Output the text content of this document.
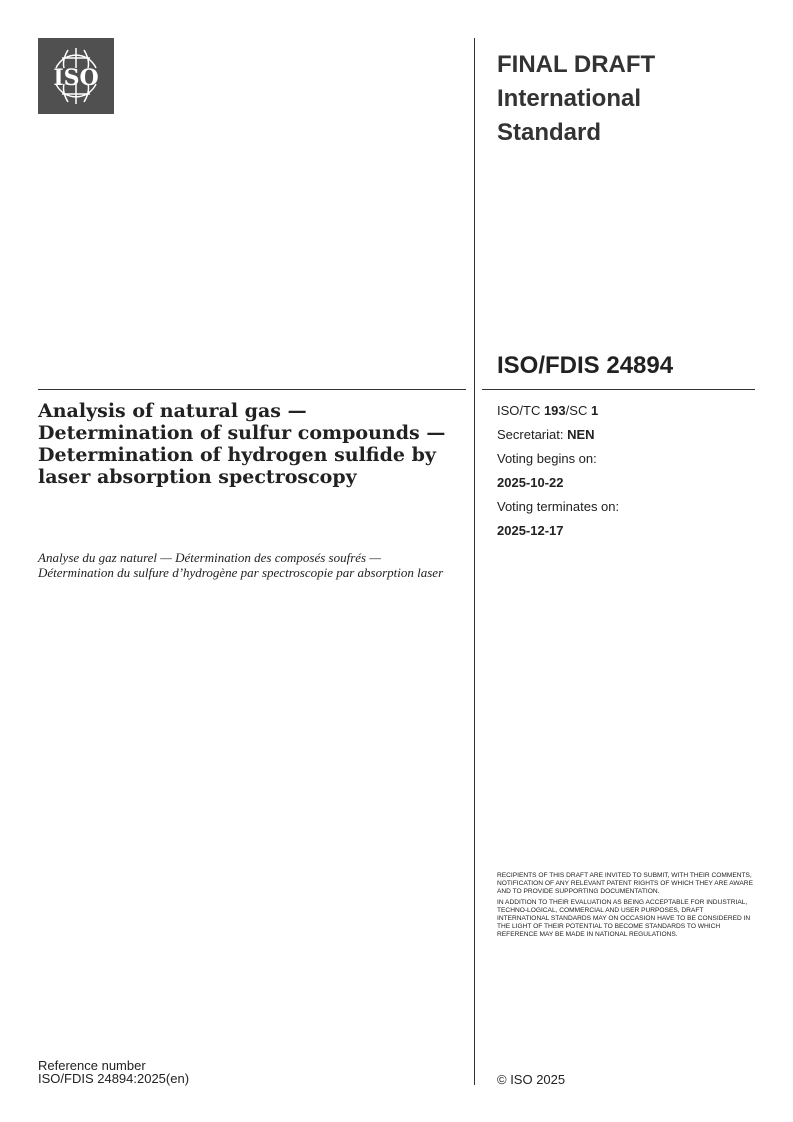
ISO	FINAL DRAFT
International
Standard
ISO/FDIS 24894
ISO/TC 193/SC 1
Secretariat: NEN
Voting begins on:
2025-10-22
Voting terminates on:
2025-12-17
Analysis of natural gas — Determination of sulfur compounds — Determination of hydrogen sulfide by laser absorption spectroscopy
Analyse du gaz naturel — Détermination des composés soufrés — Détermination du sulfure d’hydrogène par spectroscopie par absorption laser

RECIPIENTS OF THIS DRAFT ARE INVITED TO SUBMIT, WITH THEIR COMMENTS, NOTIFICATION OF ANY RELEVANT PATENT RIGHTS OF WHICH THEY ARE AWARE AND TO PROVIDE SUPPORTING DOCUMENTATION.

IN ADDITION TO THEIR EVALUATION AS BEING ACCEPTABLE FOR INDUSTRIAL, TECHNO-LOGICAL, COMMERCIAL AND USER PURPOSES, DRAFT INTERNATIONAL STANDARDS MAY ON OCCASION HAVE TO BE CONSIDERED IN THE LIGHT OF THEIR POTENTIAL TO BECOME STANDARDS TO WHICH REFERENCE MAY BE MADE IN NATIONAL REGULATIONS.

Reference number
ISO/FDIS 24894:2025(en)	© ISO 2025
